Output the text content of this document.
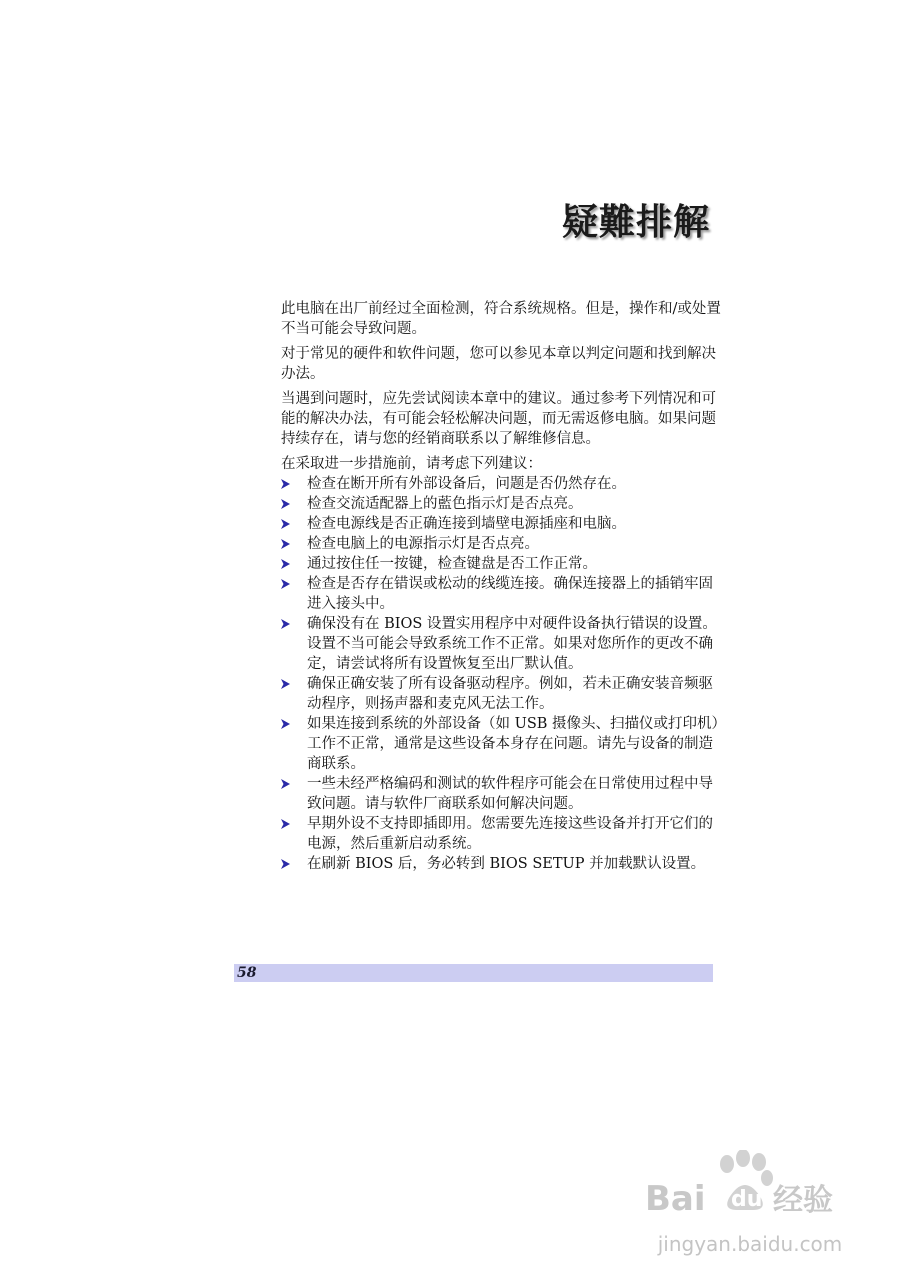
疑難排解

此电脑在出厂前经过全面检测，符合系统规格。但是，操作和/或处置不当可能会导致问题。

对于常见的硬件和软件问题，您可以参见本章以判定问题和找到解决办法。

当遇到问题时，应先尝试阅读本章中的建议。通过参考下列情况和可能的解决办法，有可能会轻松解决问题，而无需返修电脑。如果问题持续存在，请与您的经销商联系以了解维修信息。

在采取进一步措施前，请考虑下列建议：

检查在断开所有外部设备后，问题是否仍然存在。
检查交流适配器上的藍色指示灯是否点亮。
检查电源线是否正确连接到墙壁电源插座和电脑。
检查电脑上的电源指示灯是否点亮。
通过按住任一按键，检查键盘是否工作正常。
检查是否存在错误或松动的线缆连接。确保连接器上的插销牢固进入接头中。
确保没有在 BIOS 设置实用程序中对硬件设备执行错误的设置。设置不当可能会导致系统工作不正常。如果对您所作的更改不确定，请尝试将所有设置恢复至出厂默认值。
确保正确安装了所有设备驱动程序。例如，若未正确安装音频驱动程序，则扬声器和麦克风无法工作。
如果连接到系统的外部设备（如 USB 摄像头、扫描仪或打印机）工作不正常，通常是这些设备本身存在问题。请先与设备的制造商联系。
一些未经严格编码和测试的软件程序可能会在日常使用过程中导致问题。请与软件厂商联系如何解决问题。
早期外设不支持即插即用。您需要先连接这些设备并打开它们的电源，然后重新启动系统。
在刷新 BIOS 后，务必转到 BIOS SETUP 并加载默认设置。
58
Bai du 经验
jingyan.baidu.com
